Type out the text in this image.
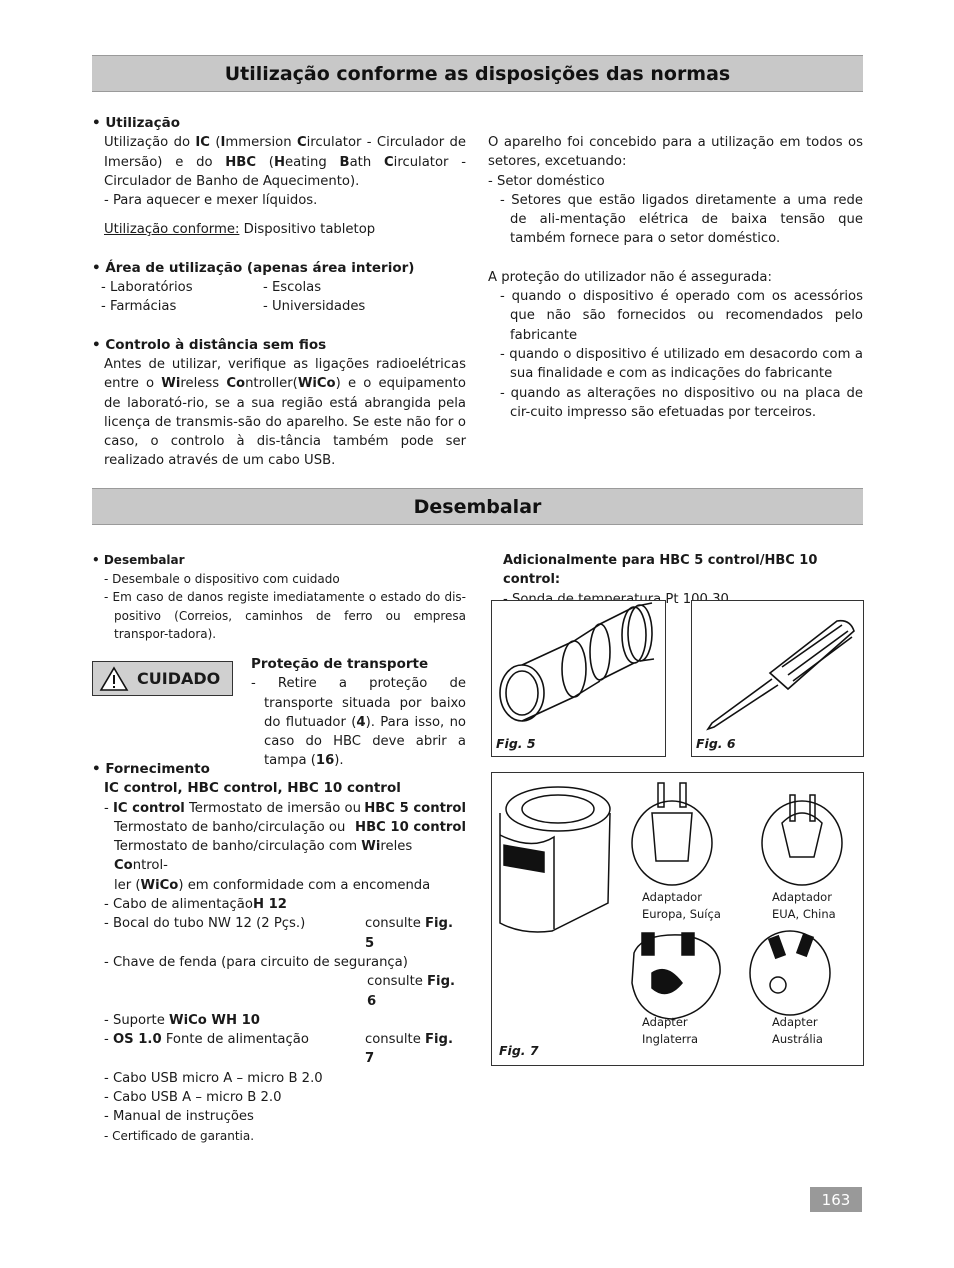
Utilização conforme as disposições das normas
• Utilização
Utilização do IC (Immersion Circulator - Circulador de Imersão) e do HBC (Heating Bath Circulator - Circulador de Banho de Aquecimento).
- Para aquecer e mexer líquidos.
Utilização conforme: Dispositivo tabletop
• Área de utilização (apenas área interior)
- Laboratórios	- Escolas
- Farmácias	- Universidades
• Controlo à distância sem fios
Antes de utilizar, verifique as ligações radioelétricas entre o Wireless Controller(WiCo) e o equipamento de laborató-rio, se a sua região está abrangida pela licença de transmis-são do aparelho. Se este não for o caso, o controlo à dis-tância também pode ser realizado através de um cabo USB.
O aparelho foi concebido para a utilização em todos os setores, excetuando:
- Setor doméstico
- Setores que estão ligados diretamente a uma rede de ali-mentação elétrica de baixa tensão que também fornece para o setor doméstico.
A proteção do utilizador não é assegurada:
- quando o dispositivo é operado com os acessórios que não são fornecidos ou recomendados pelo fabricante
- quando o dispositivo é utilizado em desacordo com a sua finalidade e com as indicações do fabricante
- quando as alterações no dispositivo ou na placa de cir-cuito impresso são efetuadas por terceiros.
Desembalar
• Desembalar
- Desembale o dispositivo com cuidado
- Em caso de danos registe imediatamente o estado do dis-positivo (Correios, caminhos de ferro ou empresa transpor-tadora).
CUIDADO
Proteção de transporte
- Retire a proteção de transporte situada por baixo do flutuador (4). Para isso, no caso do HBC deve abrir a tampa (16).
• Fornecimento
IC control, HBC control, HBC 10 control
- IC control Termostato de imersão ou HBC 5 control
Termostato de banho/circulação ou HBC 10 control
Termostato de banho/circulação com Wireles Control-
ler (WiCo) em conformidade com a encomenda
- Cabo de alimentaçãoH 12
- Bocal do tubo NW 12 (2 Pçs.)	consulte Fig. 5
- Chave de fenda (para circuito de segurança)
consulte Fig. 6
- Suporte WiCo WH 10
- OS 1.0 Fonte de alimentação	consulte Fig. 7
- Cabo USB micro A – micro B 2.0
- Cabo USB A – micro B 2.0
- Manual de instruções
- Certificado de garantia.
Adicionalmente para HBC 5 control/HBC 10 control:
Pt
Fig. 5	Fig. 6
Adaptador
Europa, Suíça
Adaptador
EUA, China
Adapter
Inglaterra
Adapter
Austrália
Fig. 7
163
